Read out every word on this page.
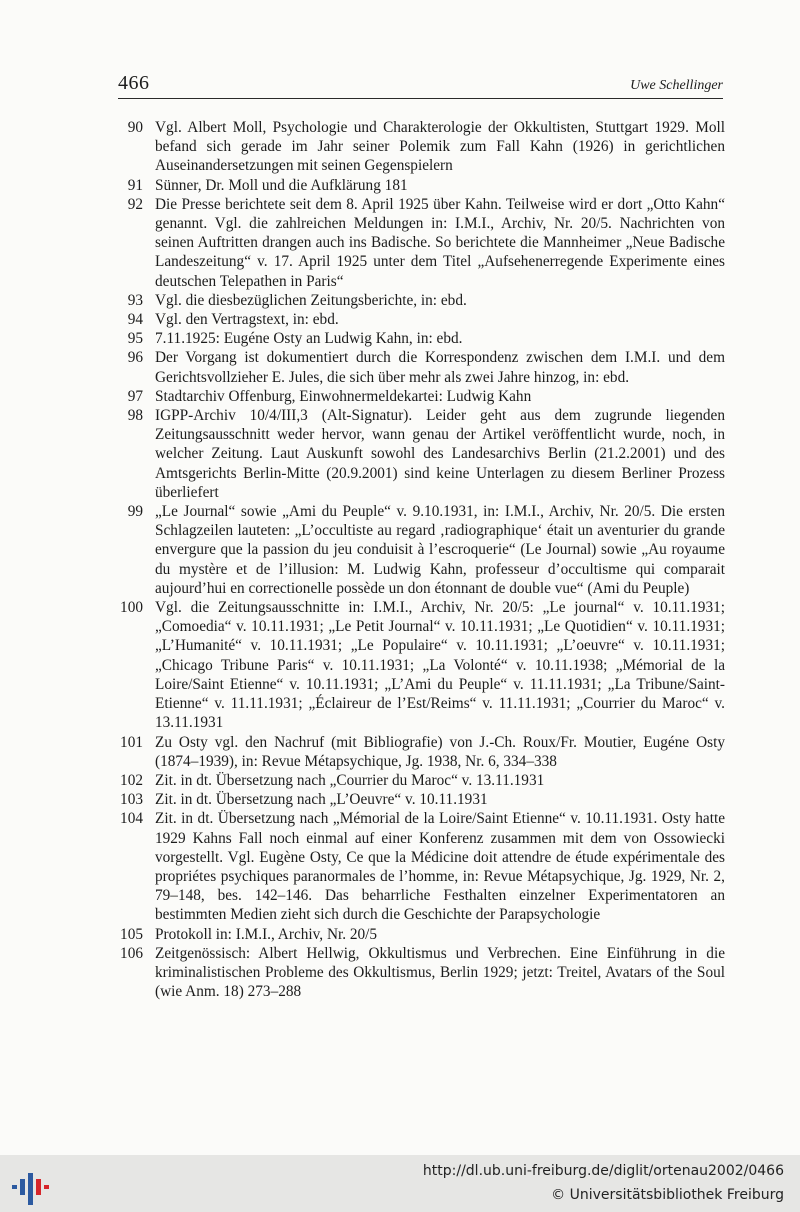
466	Uwe Schellinger
90 Vgl. Albert Moll, Psychologie und Charakterologie der Okkultisten, Stuttgart 1929. Moll befand sich gerade im Jahr seiner Polemik zum Fall Kahn (1926) in gerichtlichen Auseinandersetzungen mit seinen Gegenspielern
91 Sünner, Dr. Moll und die Aufklärung 181
92 Die Presse berichtete seit dem 8. April 1925 über Kahn. Teilweise wird er dort „Otto Kahn“ genannt. Vgl. die zahlreichen Meldungen in: I.M.I., Archiv, Nr. 20/5. Nachrichten von seinen Auftritten drangen auch ins Badische. So berichtete die Mannheimer „Neue Badische Landeszeitung“ v. 17. April 1925 unter dem Titel „Aufsehenerregende Experimente eines deutschen Telepathen in Paris“
93 Vgl. die diesbezüglichen Zeitungsberichte, in: ebd.
94 Vgl. den Vertragstext, in: ebd.
95 7.11.1925: Eugéne Osty an Ludwig Kahn, in: ebd.
96 Der Vorgang ist dokumentiert durch die Korrespondenz zwischen dem I.M.I. und dem Gerichtsvollzieher E. Jules, die sich über mehr als zwei Jahre hinzog, in: ebd.
97 Stadtarchiv Offenburg, Einwohnermeldekartei: Ludwig Kahn
98 IGPP-Archiv 10/4/III,3 (Alt-Signatur). Leider geht aus dem zugrunde liegenden Zeitungsausschnitt weder hervor, wann genau der Artikel veröffentlicht wurde, noch, in welcher Zeitung. Laut Auskunft sowohl des Landesarchivs Berlin (21.2.2001) und des Amtsgerichts Berlin-Mitte (20.9.2001) sind keine Unterlagen zu diesem Berliner Prozess überliefert
99 „Le Journal“ sowie „Ami du Peuple“ v. 9.10.1931, in: I.M.I., Archiv, Nr. 20/5. Die ersten Schlagzeilen lauteten: „L’occultiste au regard ‚radiographique‘ était un aventurier du grande envergure que la passion du jeu conduisit à l’escroquerie“ (Le Journal) sowie „Au royaume du mystère et de l’illusion: M. Ludwig Kahn, professeur d’occultisme qui comparait aujourd’hui en correctionelle possède un don étonnant de double vue“ (Ami du Peuple)
100 Vgl. die Zeitungsausschnitte in: I.M.I., Archiv, Nr. 20/5: „Le journal“ v. 10.11.1931; „Comoedia“ v. 10.11.1931; „Le Petit Journal“ v. 10.11.1931; „Le Quotidien“ v. 10.11.1931; „L’Humanité“ v. 10.11.1931; „Le Populaire“ v. 10.11.1931; „L’oeuvre“ v. 10.11.1931; „Chicago Tribune Paris“ v. 10.11.1931; „La Volonté“ v. 10.11.1938; „Mémorial de la Loire/Saint Etienne“ v. 10.11.1931; „L’Ami du Peuple“ v. 11.11.1931; „La Tribune/Saint-Etienne“ v. 11.11.1931; „Éclaireur de l’Est/Reims“ v. 11.11.1931; „Courrier du Maroc“ v. 13.11.1931
101 Zu Osty vgl. den Nachruf (mit Bibliografie) von J.-Ch. Roux/Fr. Moutier, Eugéne Osty (1874–1939), in: Revue Métapsychique, Jg. 1938, Nr. 6, 334–338
102 Zit. in dt. Übersetzung nach „Courrier du Maroc“ v. 13.11.1931
103 Zit. in dt. Übersetzung nach „L’Oeuvre“ v. 10.11.1931
104 Zit. in dt. Übersetzung nach „Mémorial de la Loire/Saint Etienne“ v. 10.11.1931. Osty hatte 1929 Kahns Fall noch einmal auf einer Konferenz zusammen mit dem von Ossowiecki vorgestellt. Vgl. Eugène Osty, Ce que la Médicine doit attendre de étude expérimentale des propriétes psychiques paranormales de l’homme, in: Revue Métapsychique, Jg. 1929, Nr. 2, 79–148, bes. 142–146. Das beharrliche Festhalten einzelner Experimentatoren an bestimmten Medien zieht sich durch die Geschichte der Parapsychologie
105 Protokoll in: I.M.I., Archiv, Nr. 20/5
106 Zeitgenössisch: Albert Hellwig, Okkultismus und Verbrechen. Eine Einführung in die kriminalistischen Probleme des Okkultismus, Berlin 1929; jetzt: Treitel, Avatars of the Soul (wie Anm. 18) 273–288
http://dl.ub.uni-freiburg.de/diglit/ortenau2002/0466
© Universitätsbibliothek Freiburg
